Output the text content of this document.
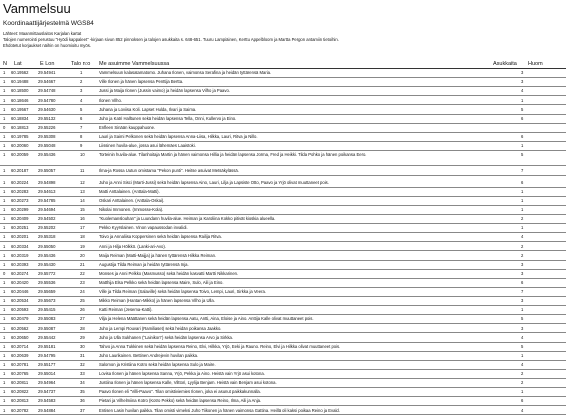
Vammelsuu
Koordinaattijärjestelmä WGS84
Lähteet: Maanmittauslaitos Karjalan kartat
Talojen numerointi perustuu "Hyödi kappaleet" -kirjaan sivun 852 pinnoksen ja talojen asukkaita s. 648-651. Tuuru Lampiäinen, Kerttu Appelbloom ja Martta Pergon antamiin tietoihin.
Ehdotetut korjaukset näihin on huomioitu myös.
N Lat	E Lon	Talo n:o Me asuimme Vammelsuussa	Asukkaita Huom
1 60.19562 29.54941	1	Vammelsuun kalasatamatomo. Juhana Ilonen, vaimonsa Serafina ja heidän tyttärensä Maria.	3
1 60.19488 29.54667	2	Ville Ilonen ja hänen lapsensa Penttija Bertta.	3
1 60.18500 29.54748	3	Jussi ja Maija Ilonen (Jussin vaimo) ja heidän lapsensa Vilho ja Paavo.	4
1 60.18646 29.54780	4	Ilonen Vilho.	1
1 60.19567 29.54630	5	Juhana ja Loviisa Koli. Lapset Hulda, Ilvari ja Saima.	5
1 60.18834 29.55132	6	Juho ja Katri Halltunen sekä heidän lapsensa Tella, Onni, Kullervo ja Eino.	6
0 60.18813 29.55226	7	Enfleen Sinään kauppahuone.
1 60.19785 29.55308	8	Lauri ja Saimi Pelkonen sekä heidän lapsensa Anna-Liisa, Hilkka, Lauri, Ritva ja Nillo.	6
1 60.20060 29.55048	9	Liissinen huvila-alue, jossa asui lähemäes Laaistoki.	1
1 60.20059 29.55436	10	Torteinin huvila-alue. Tilanhoitaja Martin ja hänen vaimonsa Hillia ja heidän lapsensa Jorma, Fred ja Heikki. Tilda Pohko ja hänen poikansa Eero.	5
1 60.20187 29.55057	11	Ilma-ja Rossa Uutun omistama "Pekon punti". Heitse asuivat Metsäkylässä.	7
1 60.20224 29.54898	12	Juho ja Anni Sisci (Marti-Jussi) sekä heidän lapsensa Aino, Lauri, Lilja ja Lapsiste Otto, Paavo ja Yrjö olivat muuttaneet pois.	6
1 60.20283 29.54613	13	Matti Anttalainen. (Anttala-Matti).	1
1 60.20273 29.54785	14	Oskari Anttalainen. (Anttala-Oskai).	1
1 60.20299 29.54694	15	Nikolai Immonen. (Immosse-Kola).	1
1 60.20409 29.54502	16	"Kuolemanslouhan" ja Luundann huvila-alue. Heiman ja Karoliina Kokko pitivät kioskia alueella.	2
1 60.20251 29.55202	17	Pekko Kyyrslainen. Vinon vapaussodan invalidi.	1
1 60.20201 29.55318	18	Toivo ja Annaliisa Koppersinen sekä heidän lapsensa Railija Ritva.	4
1 60.20334 29.55050	19	Anni ja Hilja Hölkkö. (Lanki-ari-Avo).	2
1 60.20319 29.55436	20	Maija Reiman (Matti-Maijja) ja hänen tyttärensä Hilkka Reiman.	2
1 60.20393 29.55430	21	Augustija Tilda Reiman ja heidän tyttärensä Inja.	3
0 60.20274 29.55772	22	Monses ja Anni Pelkko (Masmusso) sekä heidän kasvatti Martti Nikkarinen.	3
1 60.20420 29.55536	23	Matthija Elsa Pelkko sekä heidän lapsensa Maire, Sulo, Aili ja Eino.	6
1 60.20446 29.55659	24	Ville ja Tilda Reiman (Salaville) sekä heidän lapsensa Toivo, Lempi, Lauri, Sirkka ja Veera.	7
1 60.20534 29.55673	25	Mikko Reiman (Hantan-Mikko) ja hänen lapsensa Vilho ja Ulla.	3
1 60.20593 29.55415	26	Katti Reiman (Jesema-Katti).	1
1 60.20479 29.55083	27	Vilja ja Helena Määttanen sekä heidän lapsensa Aatu, Antti, Aina, Eloise ja Aino. Anttija Kalle olivat muuttaneet pois.	5
1 60.20562 29.55087	28	Juho ja Lempi Rouvari (Ramiliaset) sekä heidän poikansa Jaakko.	3
1 60.20650 29.55442	29	Juho ja Ulla Sukhanen ("Lainikon") sekä heidän lapsensa Arvo ja Sirkka.	4
1 60.20714 29.55181	30	Tahvo ja Anna Tukkinen sekä heidän lapsensa Reino, Elvi, Hilkka, Yrjö, Eeki ja Rauno. Reino, Elvi ja Hilkka olivat muuttaneet pois.	5
1 60.20639 29.54795	31	Juho Laurikainen. Bettinen Andrejevin huvilan paikka.	1
1 60.20781 29.55177	32	Salomon ja Kristiina Kotro sekä heidän lapsensa Sulo ja Maire.	4
1 60.20765 29.55014	33	Lovisa Ilonen ja hänen lapsensa Sanna, Yrjö, Pekka ja Aino. Heistä vain Yrjö asui kotona.	2
1 60.20811 29.54964	34	Justiina Ilonen ja hänen lapsensa Kalle, Vilttori, Lyylija Benjam. Heistä vain Benjam asui kotona.	2
1 60.20822 29.54737	35	Paavo Ilonen eli "Villi-Paavo". Tilan omistiviemies Ilonen, joka ei asunut paikkakunnalla.	1
1 60.20813 29.54583	36	Pietari ja Vilhelmiina Kotro (Kotro Pekko) sekä heidän lapsensa Reino, Ilma, Aili ja Anja.	6
1 60.20782 29.54884	37	Entisen Lasin huvilan paikka. Tilan omisti vimeksi Juho Tiikonen ja hänen vaimonsa Gattina. Heillä oli kaksi poikaa Reino ja Evald.	4
